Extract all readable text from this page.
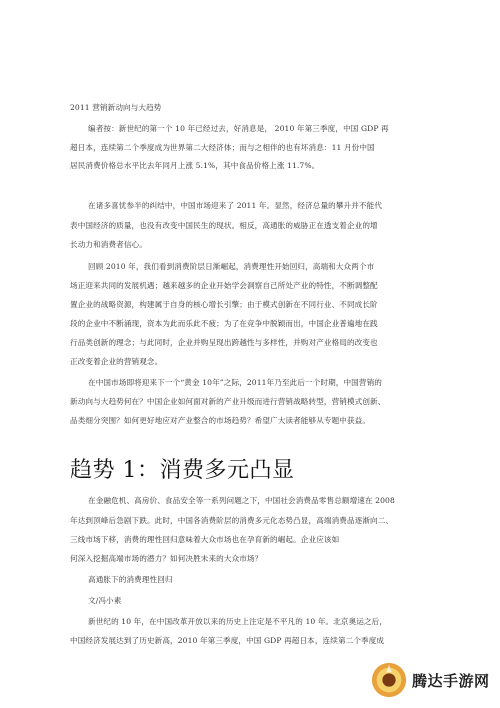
2011 营销新动向与大趋势
编者按：新世纪的第一个 10 年已经过去，好消息是， 2010 年第三季度，中国 GDP 再
超日本，连续第二个季度成为世界第二大经济体；而与之相伴的也有坏消息：11 月份中国
居民消费价格总水平比去年同月上涨 5.1%，其中食品价格上涨 11.7%。
在诸多喜忧参半的纠结中，中国市场迎来了 2011 年。显然，经济总量的攀升并不能代
表中国经济的质量，也没有改变中国民生的现状。相反，高通胀的威胁正在透支着企业的增
长动力和消费者信心。
回顾 2010 年，我们看到消费阶层日渐崛起，消费理性开始回归，高端和大众两个市
场正迎来共同的发展机遇；越来越多的企业开始学会洞察自己所处产业的特性，不断调整配
置企业的战略资源，构建属于自身的核心增长引擎；由于模式创新在不同行业、不同成长阶
段的企业中不断涌现，资本为此而乐此不疲；为了在竞争中脱颖而出，中国企业普遍地在践
行品类创新的理念；与此同时，企业并购呈现出跨越性与多样性，并购对产业格局的改变也
正改变着企业的营销观念。
在中国市场即将迎来下一个“黄金 10年”之际，2011年乃至此后一个时期，中国营销的
新动向与大趋势何在？中国企业如何面对新的产业升级而进行营销战略转型，营销模式创新、
品类细分突围？如何更好地应对产业整合的市场趋势？希望广大读者能够从专题中获益。
趋势 1：消费多元凸显
在金融危机、高房价、食品安全等一系列问题之下，中国社会消费品零售总额增速在 2008
年达到顶峰后急剧下跌。此时，中国各消费阶层的消费多元化态势凸显，高端消费品逐渐向二、
三线市场下移，消费的理性回归意味着大众市场也在孕育新的崛起。企业应该如
何深入挖掘高端市场的潜力？如何决胜未来的大众市场？
高通胀下的消费理性回归
文/冯小素
新世纪的 10 年，在中国改革开放以来的历史上注定是不平凡的 10 年。北京奥运之后，
中国经济发展达到了历史新高，2010 年第三季度，中国 GDP 再超日本，连续第二个季度成
腾达手游网
